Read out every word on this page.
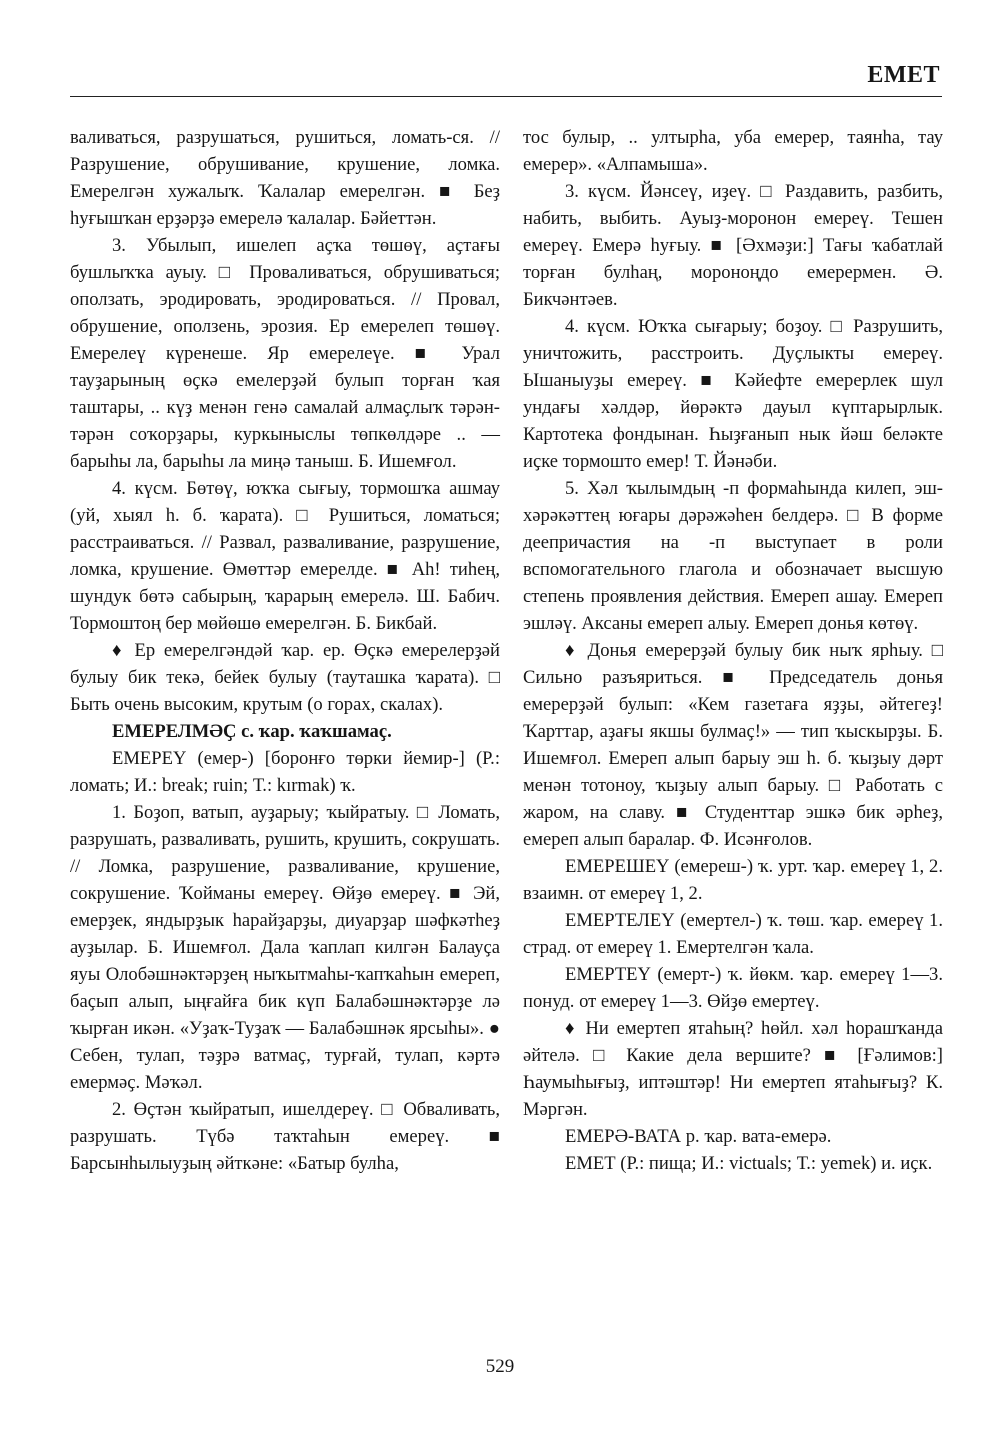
ЕМЕТ

валиваться, разрушаться, рушиться, ломать-ся. // Разрушение, обрушивание, крушение, ломка. Емерелгән хужалыҡ. Ҡалалар емерелгән. ■ Беҙ һуғышҡан ерҙәрҙә емерелә ҡалалар. Бәйеттән.

3. Убылып, ишелеп аҫҡа төшөү, аҫтағы бушлыҡҡа ауыу. □ Проваливаться, обрушиваться; оползать, эродировать, эродироваться. // Провал, обрушение, оползень, эрозия. Ер емерелеп төшөү. Емерелеү күренеше. Яр емерелеүе. ■ Урал тауҙарының өҫкә емелерҙәй булып торған ҡая таштары, .. күҙ менән генә самалай алмаҫлыҡ тәрән-тәрән соҡорҙары, куркыныслы төпкөлдәре .. — барыһы ла, барыһы ла миңә таныш. Б. Ишемғол.

4. күсм. Бөтөү, юҡҡа сығыу, тормошҡа ашмау (уй, хыял һ. б. ҡарата). □ Рушиться, ломаться; расстраиваться. // Развал, разваливание, разрушение, ломка, крушение. Өмөттәр емерелде. ■ Аh! тиһең, шундук бөтә сабырың, ҡарарың емерелә. Ш. Бабич. Тормоштоң бер мөйөшө емерелгән. Б. Бикбай.

♦ Ер емерелгәндәй ҡар. ер. Өҫкә емерелерҙәй булыу бик текә, бейек булыу (тауташка ҡарата). □ Быть очень высоким, крутым (о горах, скалах).

ЕМЕРЕЛМӘҪ с. ҡар. ҡаҡшамаҫ.

ЕМЕРЕҮ (емер-) [боронғо төрки йемир-] (Р.: ломать; И.: break; ruin; Т.: kırmak) ҡ.

1. Боҙоп, ватып, ауҙарыу; ҡыйратыу. □ Ломать, разрушать, разваливать, рушить, крушить, сокрушать. // Ломка, разрушение, разваливание, крушение, сокрушение. Ҡойманы емереү. Өйҙө емереү. ■ Эй, емерҙек, яндырҙык һарайҙарҙы, диуарҙар шәфкәтһеҙ ауҙылар. Б. Ишемғол. Дала ҡаплап килгән Балауҫа яуы Олобәшнәктәрҙең ныҡытмаһы-ҡапҡаһын емереп, баҫып алып, ыңғайға бик күп Балабәшнәктәрҙе лә ҡырған икән. «Уҙаҡ-Туҙаҡ — Балабәшнәк ярсыһы». ● Себен, тулап, тәҙрә ватмаҫ, турғай, тулап, кәртә емермәҫ. Мәҡәл.

2. Өҫтән ҡыйратып, ишелдереү. □ Обваливать, разрушать. Түбә таҡтаһын емереү. ■ Барсынһылыуҙың әйткәне: «Батыр булһа,

тос булыр, .. ултырһа, уба емерер, таянһа, тау емерер». «Алпамыша».

3. күсм. Йәнсеү, иҙеү. □ Раздавить, разбить, набить, выбить. Ауыҙ-моронон емереү. Тешен емереү. Емерә һуғыу. ■ [Әхмәҙи:] Тағы ҡабатлай торған булһаң, мороноңдо емерермен. Ә. Бикчәнтәев.

4. күсм. Юҡҡа сығарыу; боҙоу. □ Разрушить, уничтожить, расстроить. Дуҫлыкты емереү. Ышаныуҙы емереү. ■ Кәйефте емерерлек шул ундағы хәлдәр, йөрәктә дауыл күптарырлык. Картотека фондынан. Һыҙғанып нык йәш беләкте иҫке тормошто емер! Т. Йәнәби.

5. Хәл ҡылымдың -п формаһында килеп, эш-хәрәкәттең юғары дәрәжәһен белдерә. □ В форме деепричастия на -п выступает в роли вспомогательного глагола и обозначает высшую степень проявления действия. Емереп ашау. Емереп эшләү. Аксаны емереп алыу. Емереп донья көтөү.

♦ Донья емерерҙәй булыу бик ныҡ ярһыу. □ Сильно разъяриться. ■ Председатель донья емерерҙәй булып: «Кем газетаға яҙҙы, әйтегеҙ! Ҡарттар, аҙағы якшы булмаҫ!» — тип ҡыскырҙы. Б. Ишемғол. Емереп алып барыу эш һ. б. ҡыҙыу дәрт менән тотоноу, ҡыҙыу алып барыу. □ Работать с жаром, на славу. ■ Студенттар эшкә бик әрһеҙ, емереп алып баралар. Ф. Исәнғолов.

ЕМЕРЕШЕҮ (емереш-) ҡ. урт. ҡар. емереү 1, 2. взаимн. от емереү 1, 2.

ЕМЕРТЕЛЕҮ (емертел-) ҡ. төш. ҡар. емереү 1. страд. от емереү 1. Емертелгән ҡала.

ЕМЕРТЕҮ (емерт-) ҡ. йөкм. ҡар. емереү 1—3. понуд. от емереү 1—3. Өйҙө емертеү.

♦ Ни емертеп ятаһың? һөйл. хәл һорашҡанда әйтелә. □ Какие дела вершите? ■ [Ғәлимов:] Һаумыһығыҙ, иптәштәр! Ни емертеп ятаһығыҙ? К. Мәргән.

ЕМЕРӘ-ВАТА р. ҡар. вата-емерә.

ЕМЕТ (Р.: пища; И.: victuals; Т.: yemek) и. иҫк.

529
